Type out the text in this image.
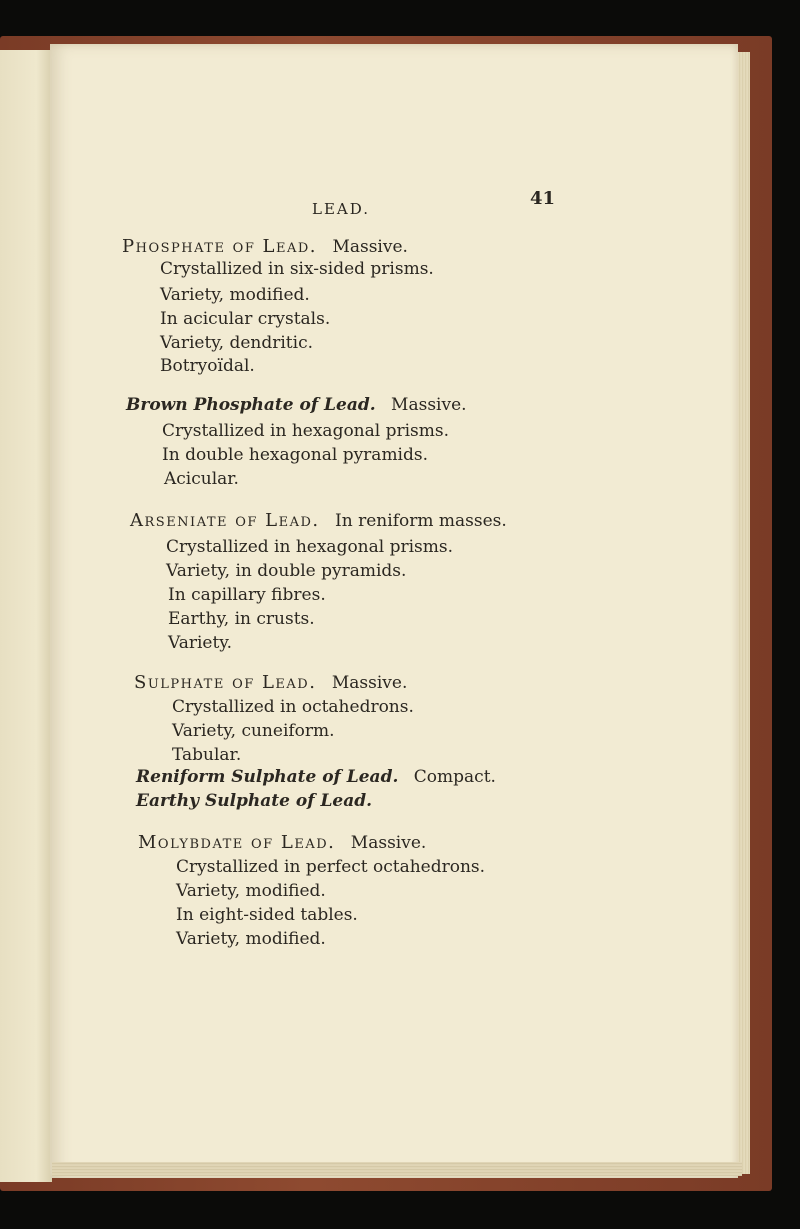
LEAD.	41
Phosphate of Lead. Massive.
Crystallized in six-sided prisms.
Variety, modified.
In acicular crystals.
Variety, dendritic.
Botryoïdal.
Brown Phosphate of Lead. Massive.
Crystallized in hexagonal prisms.
In double hexagonal pyramids.
Acicular.
Arseniate of Lead. In reniform masses.
Crystallized in hexagonal prisms.
Variety, in double pyramids.
In capillary fibres.
Earthy, in crusts.
Variety.
Sulphate of Lead. Massive.
Crystallized in octahedrons.
Variety, cuneiform.
Tabular.
Reniform Sulphate of Lead. Compact.
Earthy Sulphate of Lead.
Molybdate of Lead. Massive.
Crystallized in perfect octahedrons.
Variety, modified.
In eight-sided tables.
Variety, modified.
